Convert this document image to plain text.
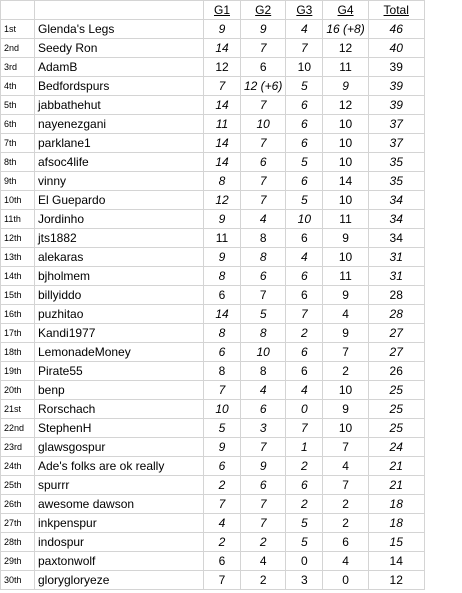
		G1	G2	G3	G4	Total
1st	Glenda's Legs	9	9	4	16 (+8)	46
2nd	Seedy Ron	14	7	7	12	40
3rd	AdamB	12	6	10	11	39
4th	Bedfordspurs	7	12 (+6)	5	9	39
5th	jabbathehut	14	7	6	12	39
6th	nayenezgani	11	10	6	10	37
7th	parklane1	14	7	6	10	37
8th	afsoc4life	14	6	5	10	35
9th	vinny	8	7	6	14	35
10th	El Guepardo	12	7	5	10	34
11th	Jordinho	9	4	10	11	34
12th	jts1882	11	8	6	9	34
13th	alekaras	9	8	4	10	31
14th	bjholmem	8	6	6	11	31
15th	billyiddo	6	7	6	9	28
16th	puzhitao	14	5	7	4	28
17th	Kandi1977	8	8	2	9	27
18th	LemonadeMoney	6	10	6	7	27
19th	Pirate55	8	8	6	2	26
20th	benp	7	4	4	10	25
21st	Rorschach	10	6	0	9	25
22nd	StephenH	5	3	7	10	25
23rd	glawsgospur	9	7	1	7	24
24th	Ade's folks are ok really	6	9	2	4	21
25th	spurrr	2	6	6	7	21
26th	awesome dawson	7	7	2	2	18
27th	inkpenspur	4	7	5	2	18
28th	indospur	2	2	5	6	15
29th	paxtonwolf	6	4	0	4	14
30th	glorygloryeze	7	2	3	0	12
